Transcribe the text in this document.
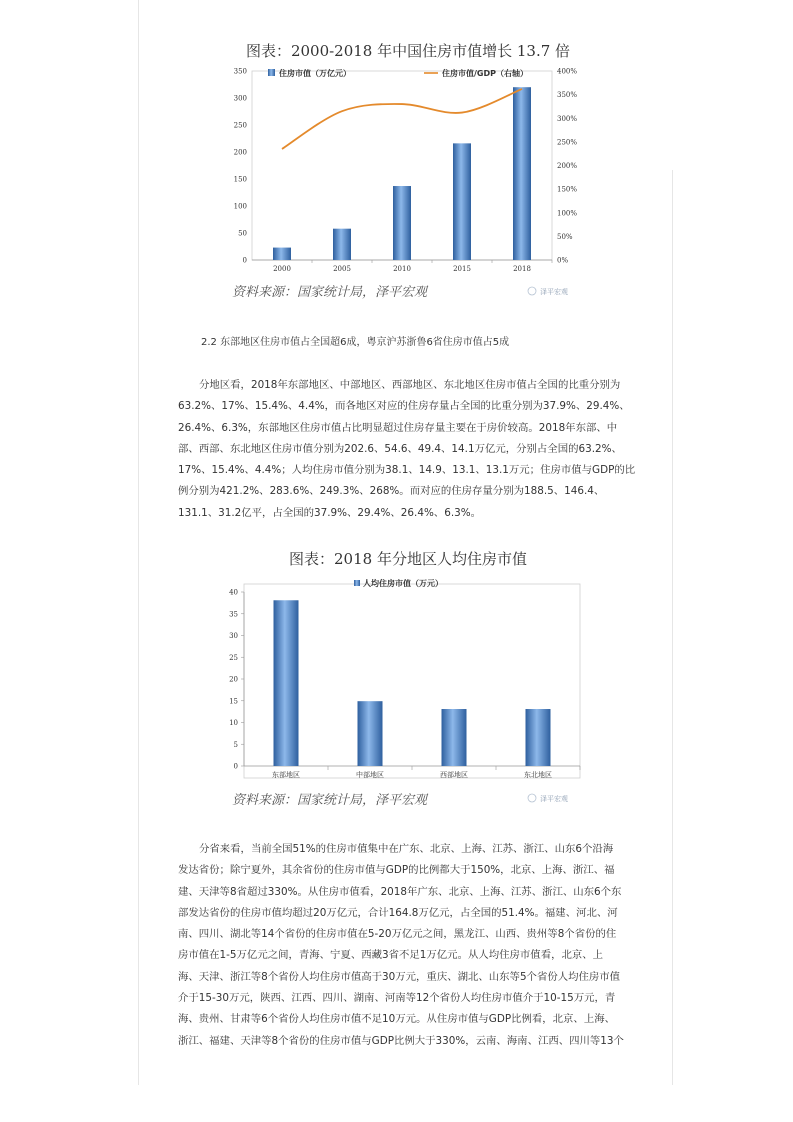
图表：2000-2018 年中国住房市值增长 13.7 倍
0
50
100
150
200
250
300
350
0%
50%
100%
150%
200%
250%
300%
350%
400%
2000	2005	2010	2015	2018
住房市值（万亿元）	住房市值/GDP（右轴）
资料来源：国家统计局，泽平宏观	泽平宏观

2.2 东部地区住房市值占全国超6成，粤京沪苏浙鲁6省住房市值占5成

分地区看，2018年东部地区、中部地区、西部地区、东北地区住房市值占全国的比重分别为
63.2%、17%、15.4%、4.4%，而各地区对应的住房存量占全国的比重分别为37.9%、29.4%、
26.4%、6.3%，东部地区住房市值占比明显超过住房存量主要在于房价较高。2018年东部、中
部、西部、东北地区住房市值分别为202.6、54.6、49.4、14.1万亿元，分别占全国的63.2%、
17%、15.4%、4.4%；人均住房市值分别为38.1、14.9、13.1、13.1万元；住房市值与GDP的比
例分别为421.2%、283.6%、249.3%、268%。而对应的住房存量分别为188.5、146.4、
131.1、31.2亿平，占全国的37.9%、29.4%、26.4%、6.3%。
图表：2018 年分地区人均住房市值
0
5
10
15
20
25
30
35
40
东部地区	中部地区	西部地区	东北地区
人均住房市值（万元）
资料来源：国家统计局，泽平宏观	泽平宏观
分省来看，当前全国51%的住房市值集中在广东、北京、上海、江苏、浙江、山东6个沿海
发达省份；除宁夏外，其余省份的住房市值与GDP的比例都大于150%，北京、上海、浙江、福
建、天津等8省超过330%。从住房市值看，2018年广东、北京、上海、江苏、浙江、山东6个东
部发达省份的住房市值均超过20万亿元，合计164.8万亿元，占全国的51.4%。福建、河北、河
南、四川、湖北等14个省份的住房市值在5-20万亿元之间，黑龙江、山西、贵州等8个省份的住
房市值在1-5万亿元之间，青海、宁夏、西藏3省不足1万亿元。从人均住房市值看，北京、上
海、天津、浙江等8个省份人均住房市值高于30万元，重庆、湖北、山东等5个省份人均住房市值
介于15-30万元，陕西、江西、四川、湖南、河南等12个省份人均住房市值介于10-15万元，青
海、贵州、甘肃等6个省份人均住房市值不足10万元。从住房市值与GDP比例看，北京、上海、
浙江、福建、天津等8个省份的住房市值与GDP比例大于330%，云南、海南、江西、四川等13个
